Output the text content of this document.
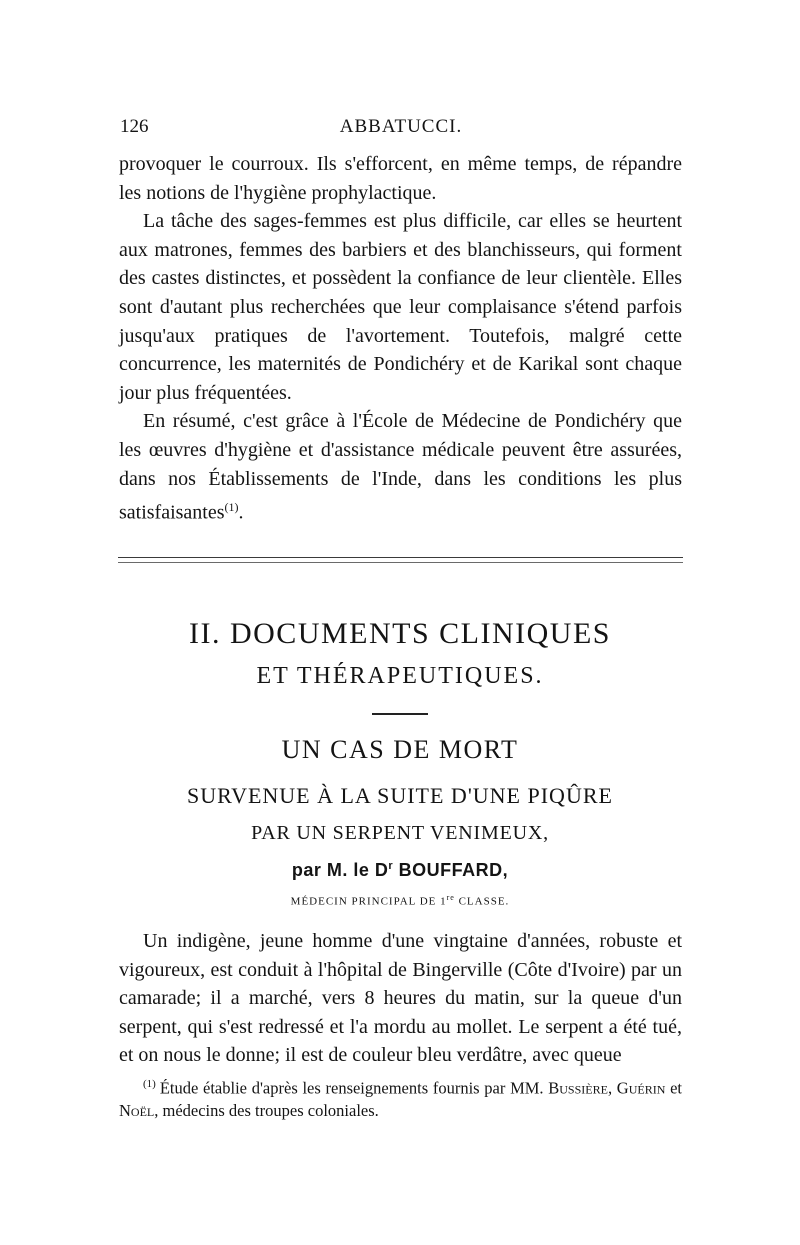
126	ABBATUCCI.

provoquer le courroux. Ils s'efforcent, en même temps, de répandre les notions de l'hygiène prophylactique.

La tâche des sages-femmes est plus difficile, car elles se heurtent aux matrones, femmes des barbiers et des blanchisseurs, qui forment des castes distinctes, et possèdent la confiance de leur clientèle. Elles sont d'autant plus recherchées que leur complaisance s'étend parfois jusqu'aux pratiques de l'avortement. Toutefois, malgré cette concurrence, les maternités de Pondichéry et de Karikal sont chaque jour plus fréquentées.

En résumé, c'est grâce à l'École de Médecine de Pondichéry que les œuvres d'hygiène et d'assistance médicale peuvent être assurées, dans nos Établissements de l'Inde, dans les conditions les plus satisfaisantes$^{(1)}$.

II. DOCUMENTS CLINIQUES
ET THÉRAPEUTIQUES.
UN CAS DE MORT
SURVENUE À LA SUITE D'UNE PIQÛRE
PAR UN SERPENT VENIMEUX,
par M. le $D^r$ BOUFFARD,
MÉDECIN PRINCIPAL DE 1re CLASSE.

Un indigène, jeune homme d'une vingtaine d'années, robuste et vigoureux, est conduit à l'hôpital de Bingerville (Côte d'Ivoire) par un camarade; il a marché, vers 8 heures du matin, sur la queue d'un serpent, qui s'est redressé et l'a mordu au mollet. Le serpent a été tué, et on nous le donne; il est de couleur bleu verdâtre, avec queue

$^{(1)}$ Étude établie d'après les renseignements fournis par MM. Bussière, Guérin et Noël, médecins des troupes coloniales.
